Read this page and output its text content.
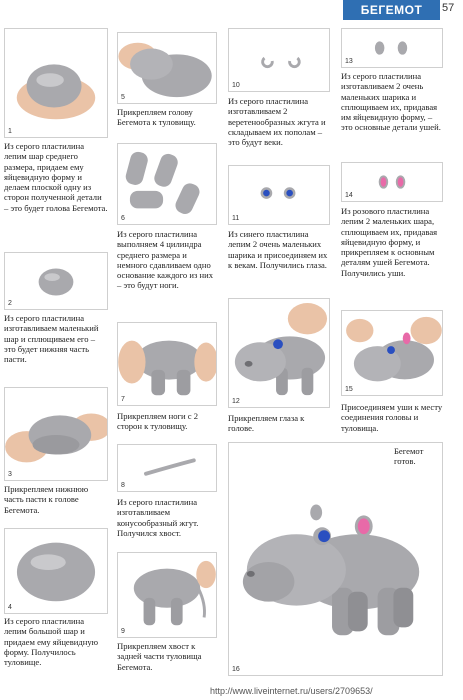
БЕГЕМОТ	57
1

Из серого пластилина лепим шар среднего размера, придаем ему яйцевидную форму и делаем плоской одну из сторон полученной детали – это будет голова Бегемота.

2

Из серого пластилина изготавливаем маленький шар и сплющиваем его – это будет нижняя часть пасти.

3

Прикрепляем нижнюю часть пасти к голове Бегемота.

4

Из серого пластилина лепим большой шар и придаем ему яйцевидную форму. Получилось туловище.

5

Прикрепляем голову Бегемота к туловищу.

6

Из серого пластилина выполняем 4 цилиндра среднего размера и немного сдавливаем одно основание каждого из них – это будут ноги.

7

Прикрепляем ноги с 2 сторон к туловищу.

8

Из серого пластилина изготавливаем конусообразный жгут. Получился хвост.

9

Прикрепляем хвост к задней части туловища Бегемота.

10

Из серого пластилина изготавливаем 2 веретенообразных жгута и складываем их пополам – это будут веки.

11

Из синего пластилина лепим 2 очень маленьких шарика и присоединяем их к векам. Получились глаза.

12

Прикрепляем глаза к голове.

13

Из серого пластилина изготавливаем 2 очень маленьких шарика и сплющиваем их, придавая им яйцевидную форму, – это основные детали ушей.

14

Из розового пластилина лепим 2 маленьких шара, сплющиваем их, придавая яйцевидную форму, и прикрепляем к основным деталям ушей Бегемота. Получились уши.

15

Присоединяем уши к месту соединения головы и туловища.

16
Бегемот готов.
http://www.liveinternet.ru/users/2709653/
